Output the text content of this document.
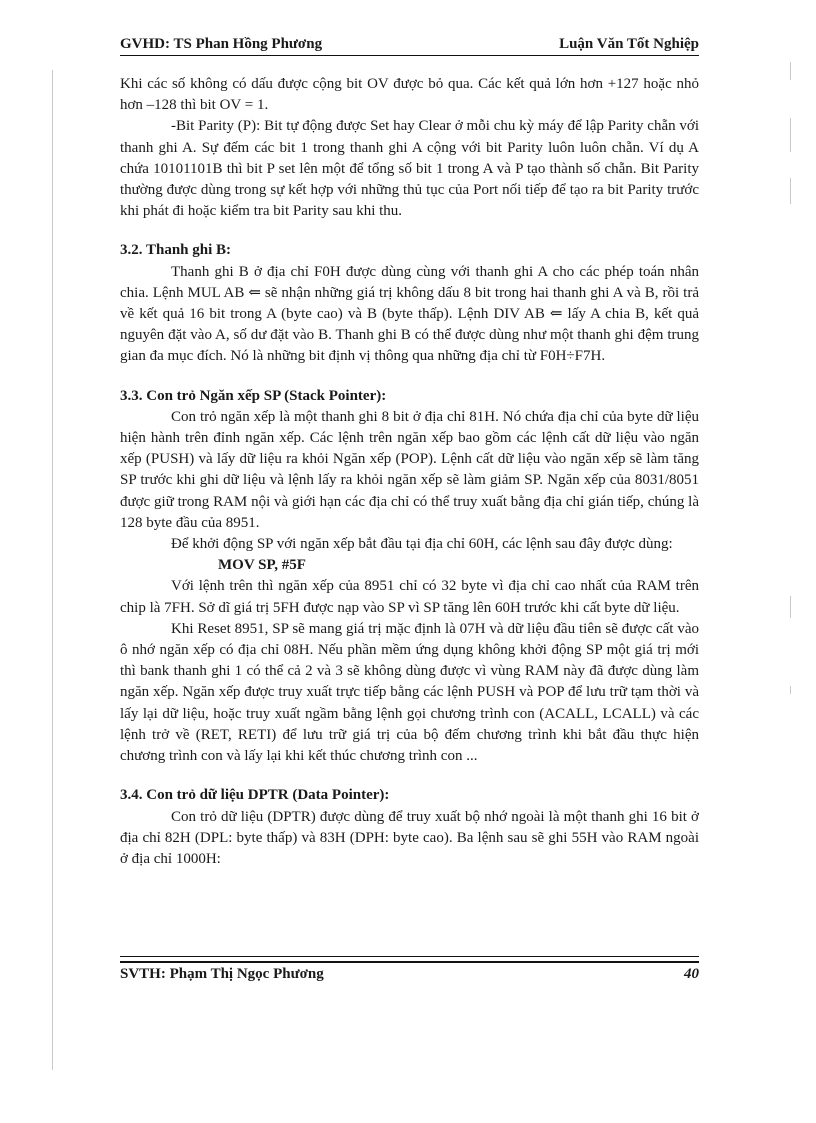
GVHD: TS Phan Hồng Phương	Luận Văn Tốt Nghiệp

Khi các số không có dấu được cộng bit OV được bỏ qua. Các kết quả lớn hơn +127 hoặc nhỏ hơn –128 thì bit OV = 1.

-Bit Parity (P): Bit tự động được Set hay Clear ở mỗi chu kỳ máy để lập Parity chẵn với thanh ghi A. Sự đếm các bit 1 trong thanh ghi A cộng với bit Parity luôn luôn chẵn. Ví dụ A chứa 10101101B thì bit P set lên một để tổng số bit 1 trong A và P tạo thành số chẵn. Bit Parity thường được dùng trong sự kết hợp với những thủ tục của Port nối tiếp để tạo ra bit Parity trước khi phát đi hoặc kiểm tra bit Parity sau khi thu.

3.2. Thanh ghi B:

Thanh ghi B ở địa chỉ F0H được dùng cùng với thanh ghi A cho các phép toán nhân chia. Lệnh MUL AB ⇐ sẽ nhận những giá trị không dấu 8 bit trong hai thanh ghi A và B, rồi trả về kết quả 16 bit trong A (byte cao) và B (byte thấp). Lệnh DIV AB ⇐ lấy A chia B, kết quả nguyên đặt vào A, số dư đặt vào B. Thanh ghi B có thể được dùng như một thanh ghi đệm trung gian đa mục đích. Nó là những bit định vị thông qua những địa chỉ từ F0H÷F7H.

3.3. Con trỏ Ngăn xếp SP (Stack Pointer):

Con trỏ ngăn xếp là một thanh ghi 8 bit ở địa chỉ 81H. Nó chứa địa chỉ của byte dữ liệu hiện hành trên đỉnh ngăn xếp. Các lệnh trên ngăn xếp bao gồm các lệnh cất dữ liệu vào ngăn xếp (PUSH) và lấy dữ liệu ra khỏi Ngăn xếp (POP). Lệnh cất dữ liệu vào ngăn xếp sẽ làm tăng SP trước khi ghi dữ liệu và lệnh lấy ra khỏi ngăn xếp sẽ làm giảm SP. Ngăn xếp của 8031/8051 được giữ trong RAM nội và giới hạn các địa chỉ có thể truy xuất bằng địa chỉ gián tiếp, chúng là 128 byte đầu của 8951.

Để khởi động SP với ngăn xếp bắt đầu tại địa chỉ 60H, các lệnh sau đây được dùng:

MOV SP, #5F

Với lệnh trên thì ngăn xếp của 8951 chỉ có 32 byte vì địa chỉ cao nhất của RAM trên chip là 7FH. Sở dĩ giá trị 5FH được nạp vào SP vì SP tăng lên 60H trước khi cất byte dữ liệu.

Khi Reset 8951, SP sẽ mang giá trị mặc định là 07H và dữ liệu đầu tiên sẽ được cất vào ô nhớ ngăn xếp có địa chỉ 08H. Nếu phần mềm ứng dụng không khởi động SP một giá trị mới thì bank thanh ghi 1 có thể cả 2 và 3 sẽ không dùng được vì vùng RAM này đã được dùng làm ngăn xếp. Ngăn xếp được truy xuất trực tiếp bằng các lệnh PUSH và POP để lưu trữ tạm thời và lấy lại dữ liệu, hoặc truy xuất ngầm bằng lệnh gọi chương trình con (ACALL, LCALL) và các lệnh trở về (RET, RETI) để lưu trữ giá trị của bộ đếm chương trình khi bắt đầu thực hiện chương trình con và lấy lại khi kết thúc chương trình con ...

3.4. Con trỏ dữ liệu DPTR (Data Pointer):

Con trỏ dữ liệu (DPTR) được dùng để truy xuất bộ nhớ ngoài là một thanh ghi 16 bit ở địa chỉ 82H (DPL: byte thấp) và 83H (DPH: byte cao). Ba lệnh sau sẽ ghi 55H vào RAM ngoài ở địa chỉ 1000H:

SVTH: Phạm Thị Ngọc Phương	40
